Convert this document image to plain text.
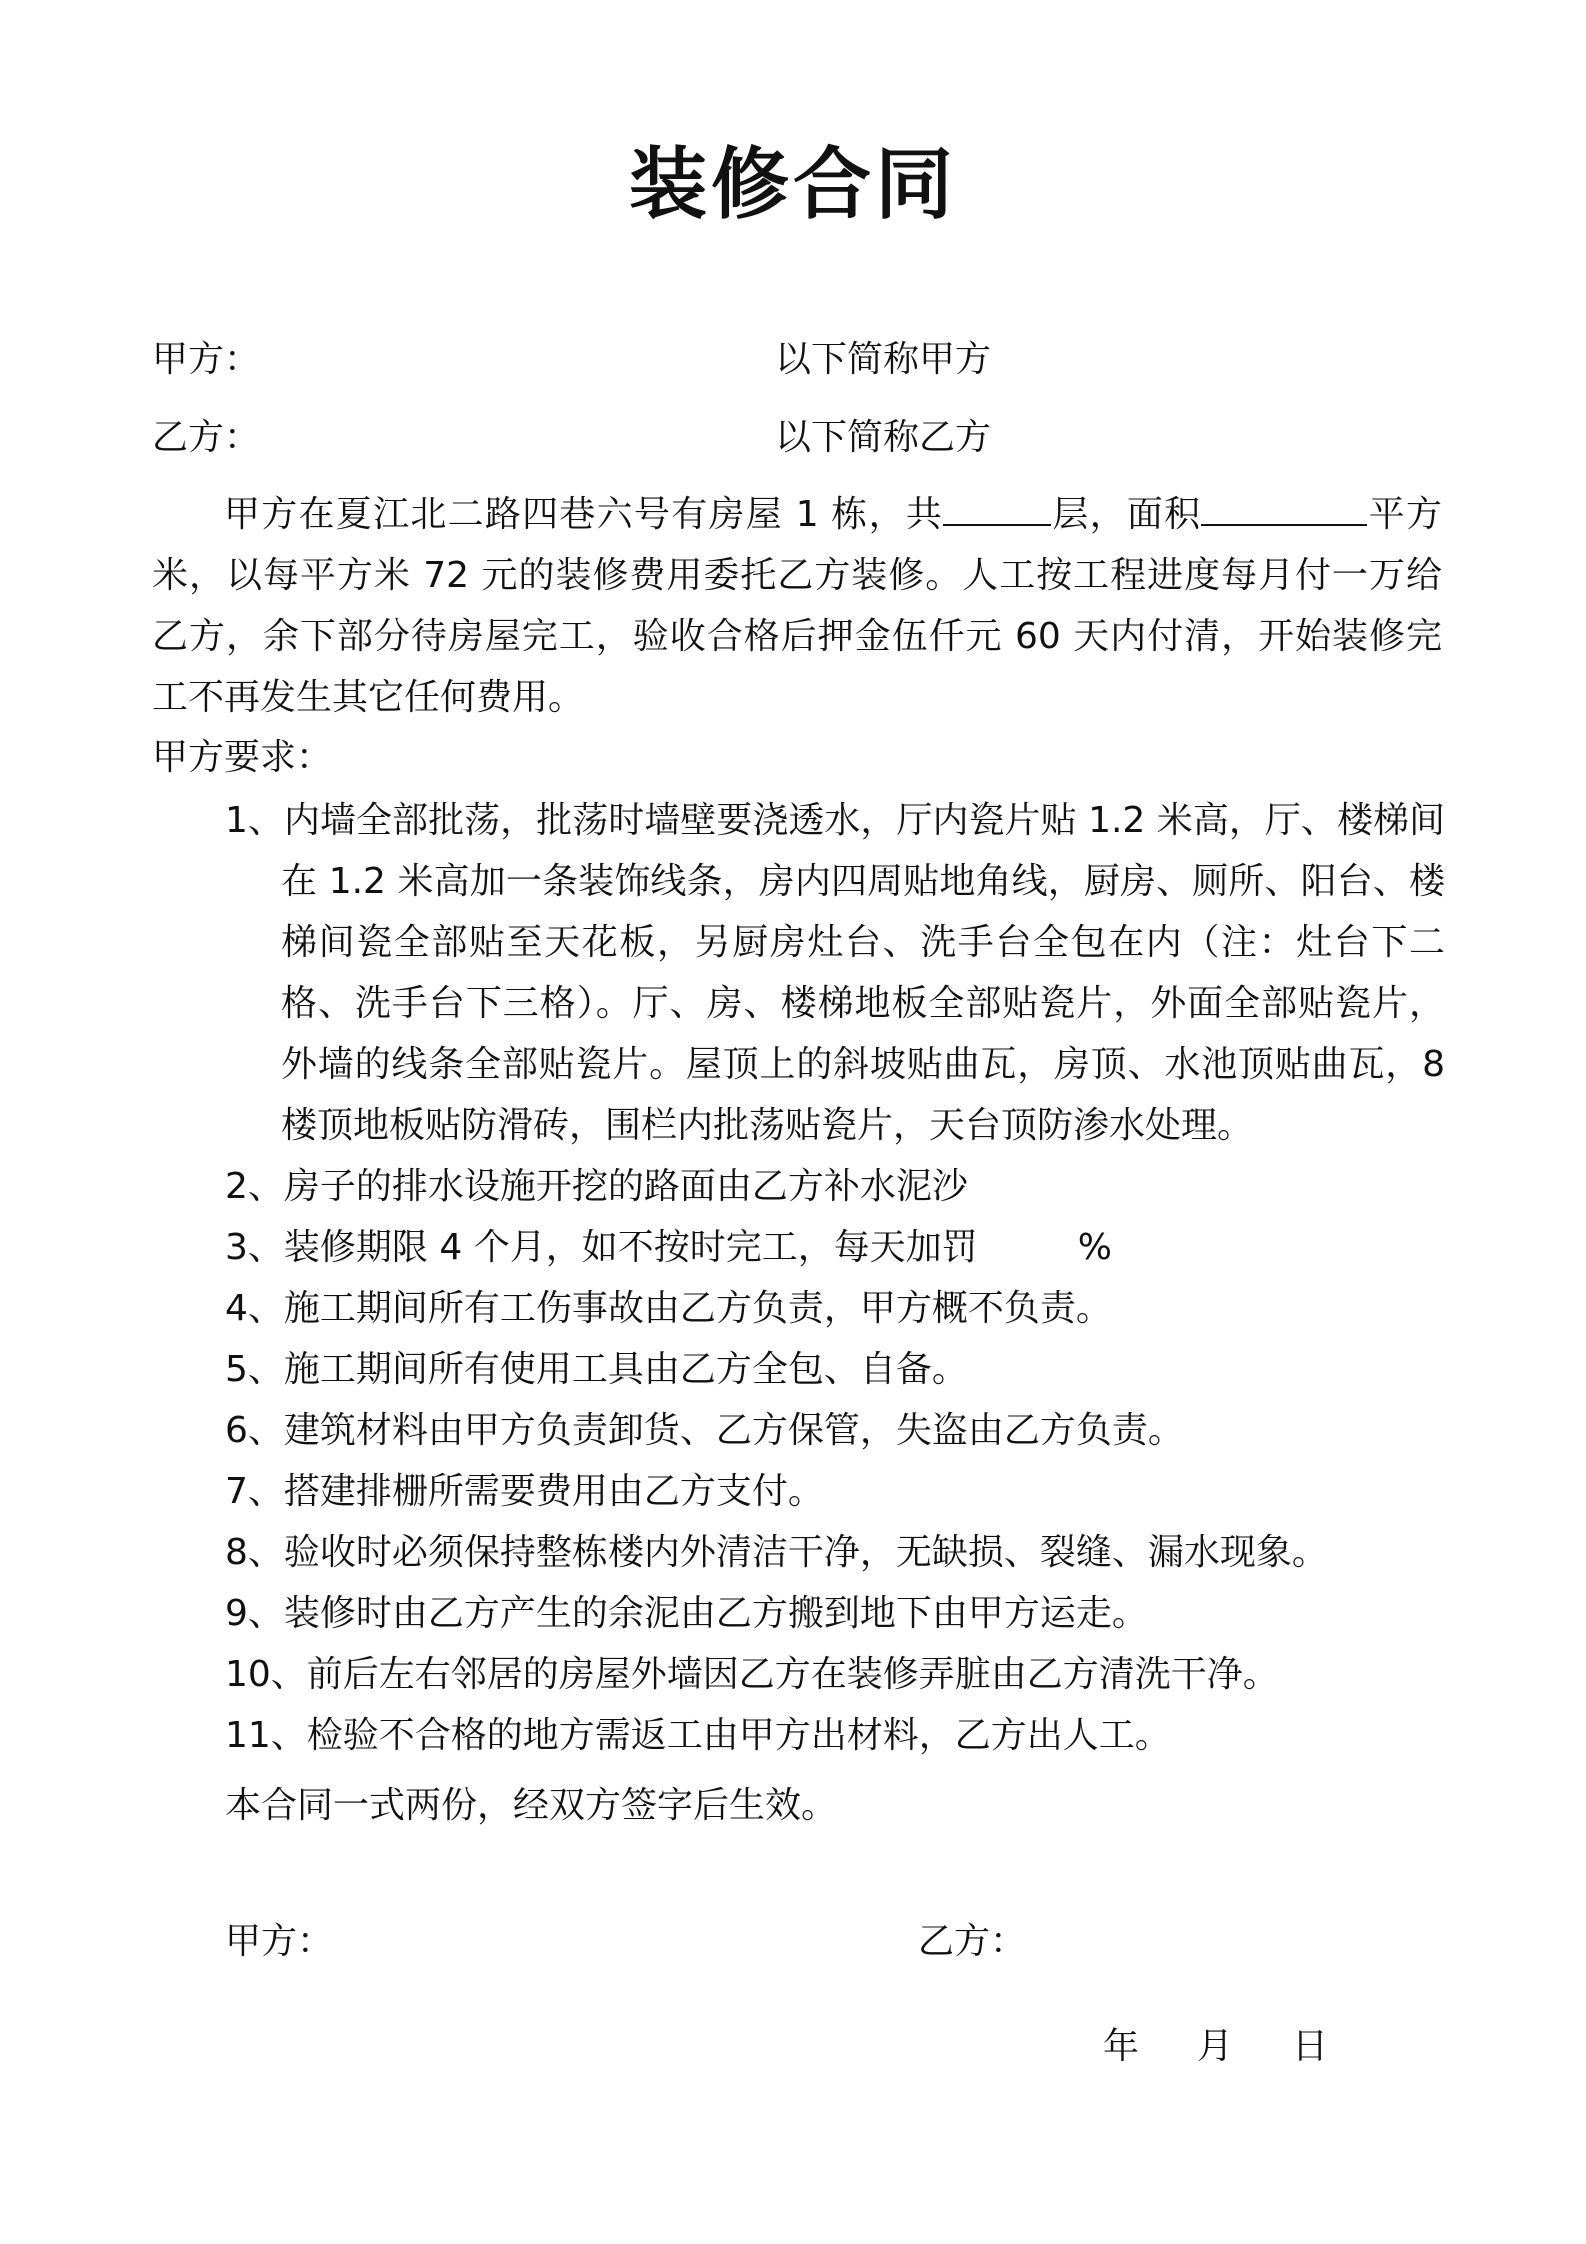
装修合同
甲方：	以下简称甲方
乙方：	以下简称乙方
甲方在夏江北二路四巷六号有房屋 1 栋，共	层，面积	平方米，以每平方米 72 元的装修费用委托乙方装修。人工按工程进度每月付一万给乙方，余下部分待房屋完工，验收合格后押金伍仟元 60 天内付清，开始装修完工不再发生其它任何费用。
甲方要求：
1、内墙全部批荡，批荡时墙壁要浇透水，厅内瓷片贴 1.2 米高，厅、楼梯间在 1.2 米高加一条装饰线条，房内四周贴地角线，厨房、厕所、阳台、楼梯间瓷全部贴至天花板，另厨房灶台、洗手台全包在内（注：灶台下二格、洗手台下三格）。厅、房、楼梯地板全部贴瓷片，外面全部贴瓷片，外墙的线条全部贴瓷片。屋顶上的斜坡贴曲瓦，房顶、水池顶贴曲瓦，8 楼顶地板贴防滑砖，围栏内批荡贴瓷片，天台顶防渗水处理。
2、房子的排水设施开挖的路面由乙方补水泥沙
3、装修期限 4 个月，如不按时完工，每天加罚	%
4、施工期间所有工伤事故由乙方负责，甲方概不负责。
5、施工期间所有使用工具由乙方全包、自备。
6、建筑材料由甲方负责卸货、乙方保管，失盗由乙方负责。
7、搭建排栅所需要费用由乙方支付。
8、验收时必须保持整栋楼内外清洁干净，无缺损、裂缝、漏水现象。
9、装修时由乙方产生的余泥由乙方搬到地下由甲方运走。
10、前后左右邻居的房屋外墙因乙方在装修弄脏由乙方清洗干净。
11、检验不合格的地方需返工由甲方出材料，乙方出人工。
本合同一式两份，经双方签字后生效。
甲方：	乙方：
年 月 日
